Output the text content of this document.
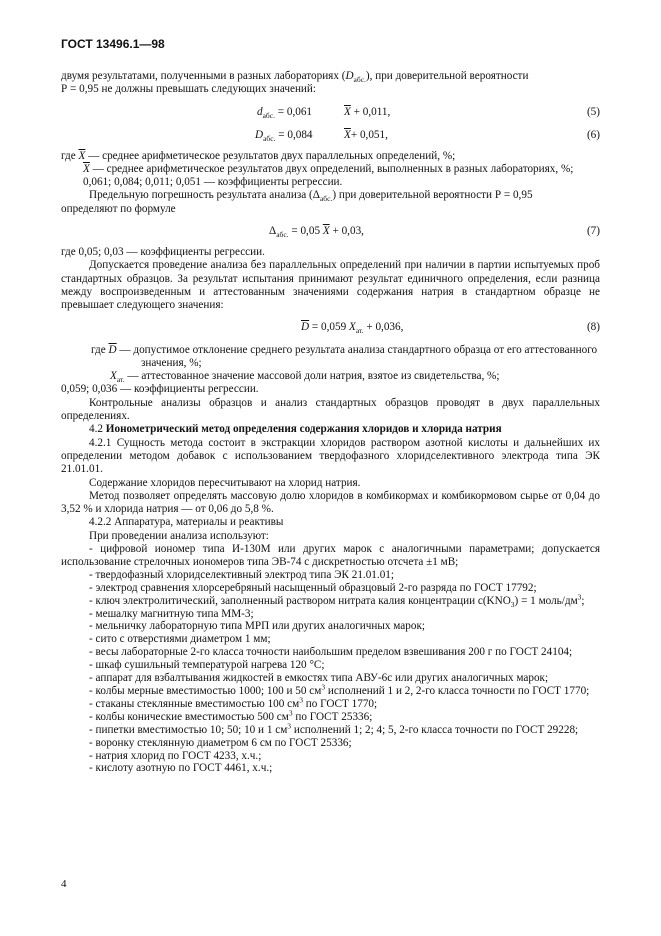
ГОСТ 13496.1—98

двумя результатами, полученными в разных лабораториях $(D_{абс.})$, при доверительной вероятности

Р = 0,95 не должны превышать следующих значений:

$d_{абс.} = 0,061$	$\overline{X} + 0,011$,	(5)
$D_{абс.} = 0,084$	$\overline{X}+ 0,051$,	(6)

где $\overline{X}$ — среднее арифметическое результатов двух параллельных определений, %;

$\overline{X}$ — среднее арифметическое результатов двух определений, выполненных в разных лабораториях, %;

0,061; 0,084; 0,011; 0,051 — коэффициенты регрессии.

Предельную погрешность результата анализа $(\Delta_{абс.})$ при доверительной вероятности Р = 0,95

определяют по формуле

$\Delta_{абс.} = 0,05$ $\overline{X} + 0,03$,	(7)

где 0,05; 0,03 — коэффициенты регрессии.

Допускается проведение анализа без параллельных определений при наличии в партии испытуемых проб стандартных образцов. За результат испытания принимают результат единичного определения, если разница между воспроизведенным и аттестованным значениями содержания натрия в стандартном образце не превышает следующего значения:

$\overline{D} = 0,059$ $Х_{ат.} + 0,036$,	(8)

где $\overline{D}$ — допустимое отклонение среднего результата анализа стандартного образца от его аттестованного значения, %;

$Х_{ат.}$ — аттестованное значение массовой доли натрия, взятое из свидетельства, %;

0,059; 0,036 — коэффициенты регрессии.

Контрольные анализы образцов и анализ стандартных образцов проводят в двух параллельных определениях.

4.2 Ионометрический метод определения содержания хлоридов и хлорида натрия

4.2.1 Сущность метода состоит в экстракции хлоридов раствором азотной кислоты и дальнейших их определении методом добавок с использованием твердофазного хлоридселективного электрода типа ЭК 21.01.01.

Содержание хлоридов пересчитывают на хлорид натрия.

Метод позволяет определять массовую долю хлоридов в комбикормах и комбикормовом сырье от 0,04 до 3,52 % и хлорида натрия — от 0,06 до 5,8 %.

4.2.2 Аппаратура, материалы и реактивы

При проведении анализа используют:

- цифровой иономер типа И-130М или других марок с аналогичными параметрами; допускается использование стрелочных иономеров типа ЭВ-74 с дискретностью отсчета ±1 мВ;

- твердофазный хлоридселективный электрод типа ЭК 21.01.01;

- электрод сравнения хлорсеребряный насыщенный образцовый 2-го разряда по ГОСТ 17792;

- ключ электролитический, заполненный раствором нитрата калия концентрации $с(KNO_3) = 1$ моль/$дм^3$;

- мешалку магнитную типа ММ-3;

- мельничку лабораторную типа МРП или других аналогичных марок;

- сито с отверстиями диаметром 1 мм;

- весы лабораторные 2-го класса точности наибольшим пределом взвешивания 200 г по ГОСТ 24104;

- шкаф сушильный температурой нагрева 120 °С;

- аппарат для взбалтывания жидкостей в емкостях типа АВУ-6с или других аналогичных марок;

- колбы мерные вместимостью 1000; 100 и 50 $см^3$ исполнений 1 и 2, 2-го класса точности по ГОСТ 1770;

- стаканы стеклянные вместимостью 100 $см^3$ по ГОСТ 1770;

- колбы конические вместимостью 500 $см^3$ по ГОСТ 25336;

- пипетки вместимостью 10; 50; 10 и 1 $см^3$ исполнений 1; 2; 4; 5, 2-го класса точности по ГОСТ 29228;

- воронку стеклянную диаметром 6 см по ГОСТ 25336;

- натрия хлорид по ГОСТ 4233, х.ч.;

- кислоту азотную по ГОСТ 4461, х.ч.;

4
